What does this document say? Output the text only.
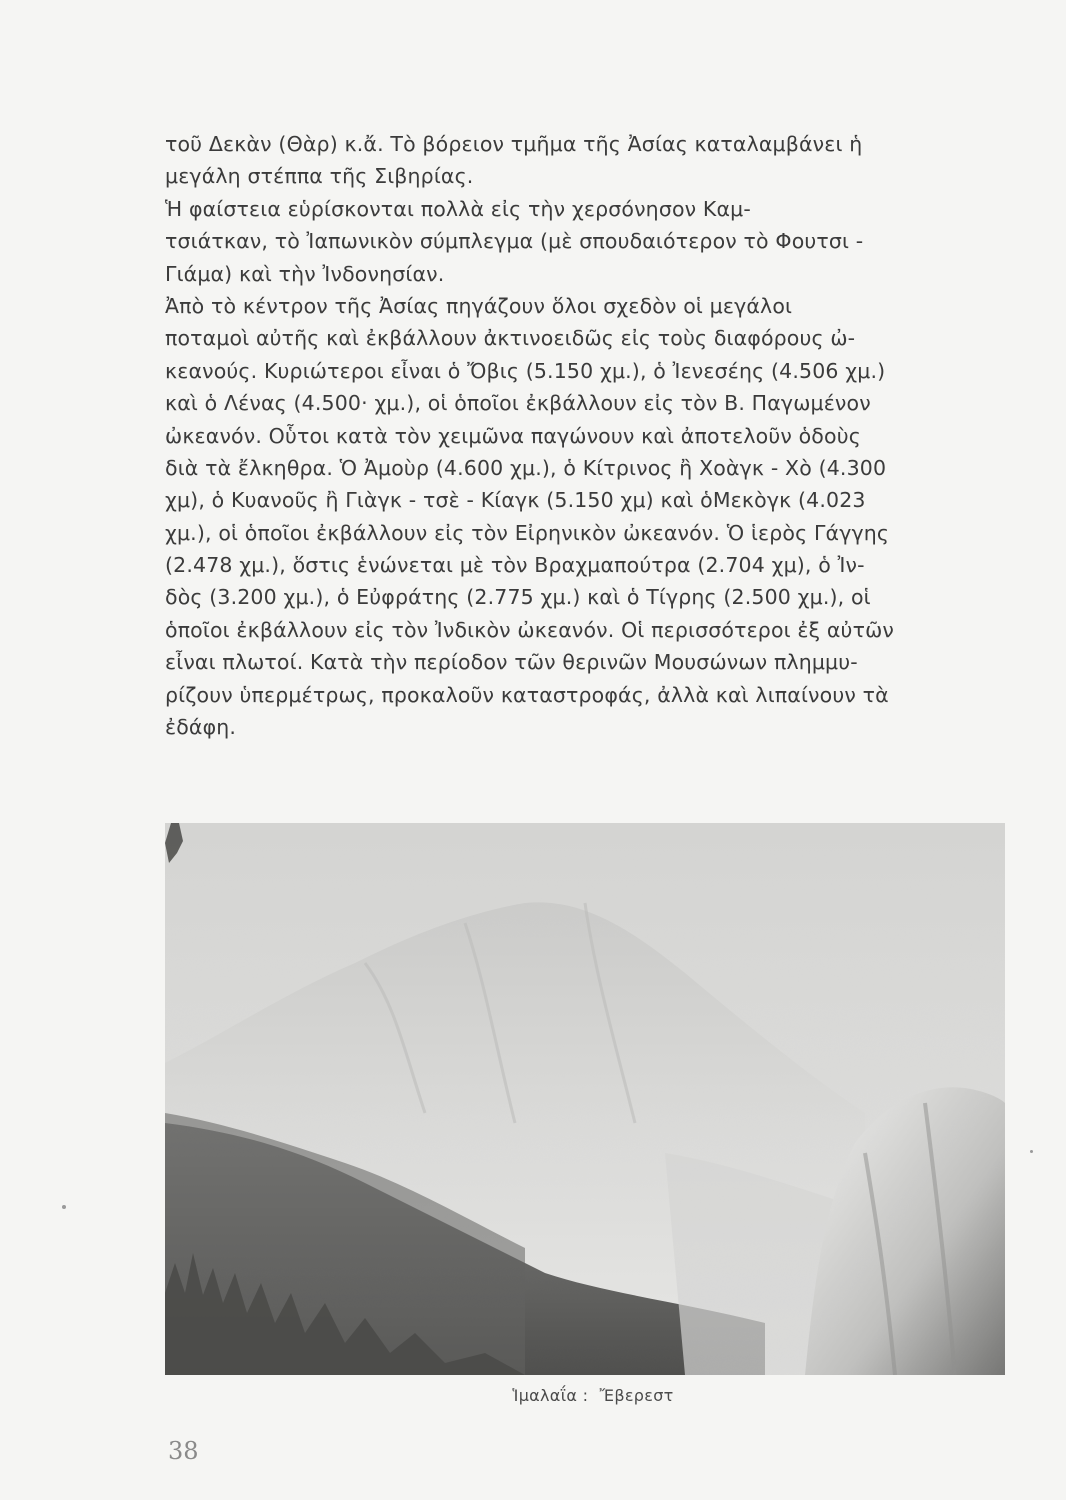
τοῦ Δεκὰν (Θὰρ) κ.ἄ. Τὸ βόρειον τμῆμα τῆς Ἀσίας καταλαμβάνει ἡ
μεγάλη στέππα τῆς Σιβηρίας.
Ἡ φαίστεια εὑρίσκονται πολλὰ εἰς τὴν χερσόνησον Καμ-
τσιάτκαν, τὸ Ἰαπωνικὸν σύμπλεγμα (μὲ σπουδαιότερον τὸ Φουτσι -
Γιάμα) καὶ τὴν Ἰνδονησίαν.
Ἀπὸ τὸ κέντρον τῆς Ἀσίας πηγάζουν ὅλοι σχεδὸν οἱ μεγάλοι
ποταμοὶ αὐτῆς καὶ ἐκβάλλουν ἀκτινοειδῶς εἰς τοὺς διαφόρους ὠ-
κεανούς. Κυριώτεροι εἶναι ὁ Ὄβις (5.150 χμ.), ὁ Ἰενεσέης (4.506 χμ.)
καὶ ὁ Λένας (4.500· χμ.), οἱ ὁποῖοι ἐκβάλλουν εἰς τὸν Β. Παγωμένον
ὠκεανόν. Οὗτοι κατὰ τὸν χειμῶνα παγώνουν καὶ ἀποτελοῦν ὁδοὺς
διὰ τὰ ἔλκηθρα. Ὁ Ἀμοὺρ (4.600 χμ.), ὁ Κίτρινος ἢ Χοὰγκ - Χὸ (4.300
χμ), ὁ Κυανοῦς ἢ Γιὰγκ - τσὲ - Κίαγκ (5.150 χμ) καὶ ὁΜεκὸγκ (4.023
χμ.), οἱ ὁποῖοι ἐκβάλλουν εἰς τὸν Εἰρηνικὸν ὠκεανόν. Ὁ ἱερὸς Γάγγης
(2.478 χμ.), ὅστις ἑνώνεται μὲ τὸν Βραχμαπούτρα (2.704 χμ), ὁ Ἰν-
δὸς (3.200 χμ.), ὁ Εὐφράτης (2.775 χμ.) καὶ ὁ Τίγρης (2.500 χμ.), οἱ
ὁποῖοι ἐκβάλλουν εἰς τὸν Ἰνδικὸν ὠκεανόν. Οἱ περισσότεροι ἐξ αὐτῶν
εἶναι πλωτοί. Κατὰ τὴν περίοδον τῶν θερινῶν Μουσώνων πλημμυ-
ρίζουν ὑπερμέτρως, προκαλοῦν καταστροφάς, ἀλλὰ καὶ λιπαίνουν τὰ
ἐδάφη.
Ἱμαλαΐα : Ἔβερεστ
38
